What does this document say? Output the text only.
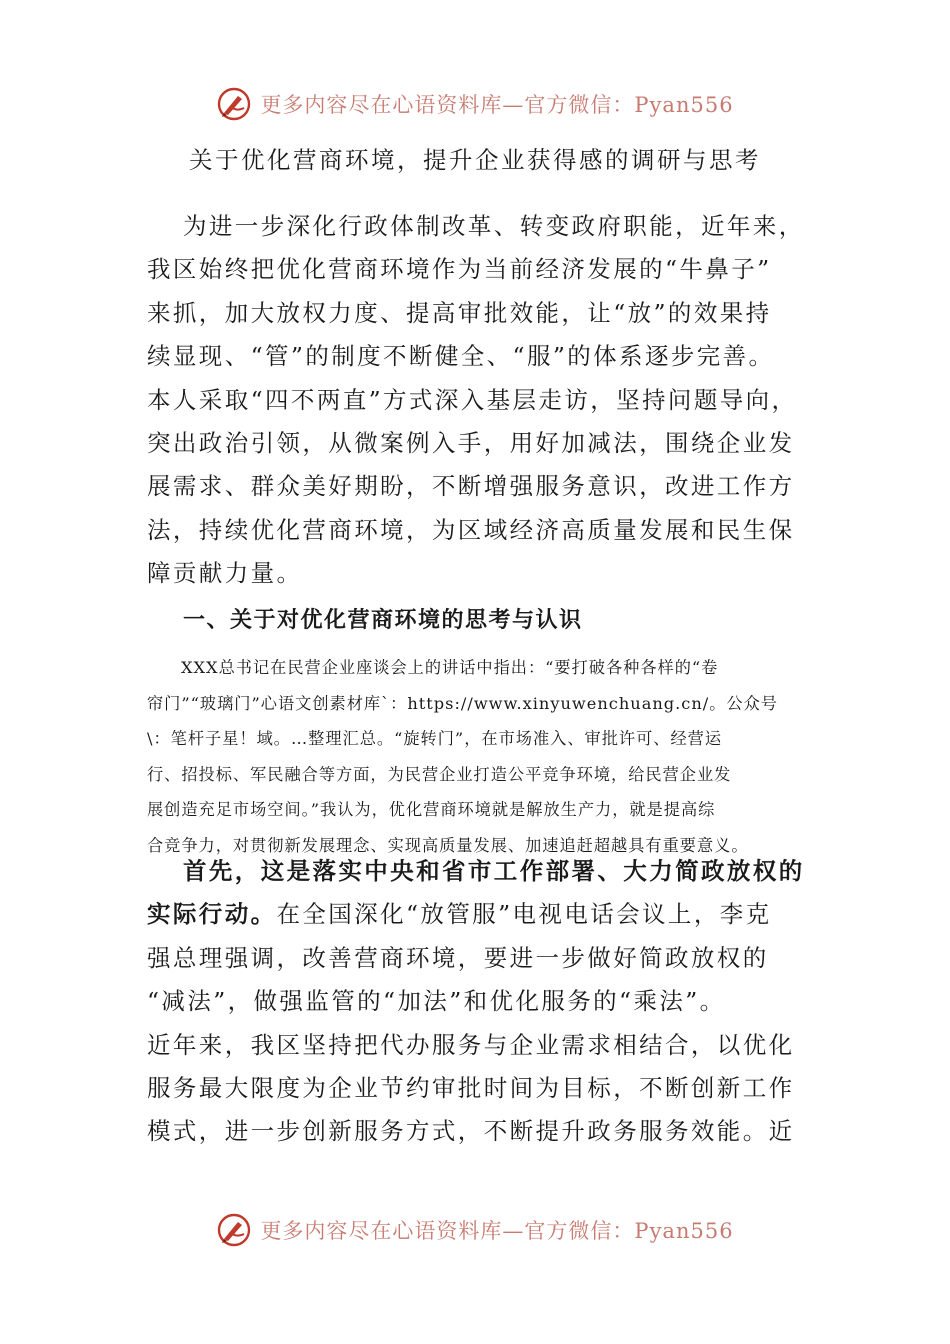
更多内容尽在心语资料库—官方微信：Pyan556
关于优化营商环境，提升企业获得感的调研与思考
为进一步深化行政体制改革、转变政府职能，近年来，
我区始终把优化营商环境作为当前经济发展的“牛鼻子”
来抓，加大放权力度、提高审批效能，让“放”的效果持
续显现、“管”的制度不断健全、“服”的体系逐步完善。
本人采取“四不两直”方式深入基层走访，坚持问题导向，
突出政治引领，从微案例入手，用好加减法，围绕企业发
展需求、群众美好期盼，不断增强服务意识，改进工作方
法，持续优化营商环境，为区域经济高质量发展和民生保
障贡献力量。
一、关于对优化营商环境的思考与认识
XXX总书记在民营企业座谈会上的讲话中指出：“要打破各种各样的“卷
帘门”“玻璃门”心语文创素材库`：https://www.xinyuwenchuang.cn/。公众号
\：笔杆子星！域。…整理汇总。“旋转门”，在市场准入、审批许可、经营运
行、招投标、军民融合等方面，为民营企业打造公平竞争环境，给民营企业发
展创造充足市场空间。”我认为，优化营商环境就是解放生产力，就是提高综
合竞争力，对贯彻新发展理念、实现高质量发展、加速追赶超越具有重要意义。
首先，这是落实中央和省市工作部署、大力简政放权的
实际行动。在全国深化“放管服”电视电话会议上，李克
强总理强调，改善营商环境，要进一步做好简政放权的
“减法”，做强监管的“加法”和优化服务的“乘法”。
近年来，我区坚持把代办服务与企业需求相结合，以优化
服务最大限度为企业节约审批时间为目标，不断创新工作
模式，进一步创新服务方式，不断提升政务服务效能。近
更多内容尽在心语资料库—官方微信：Pyan556
